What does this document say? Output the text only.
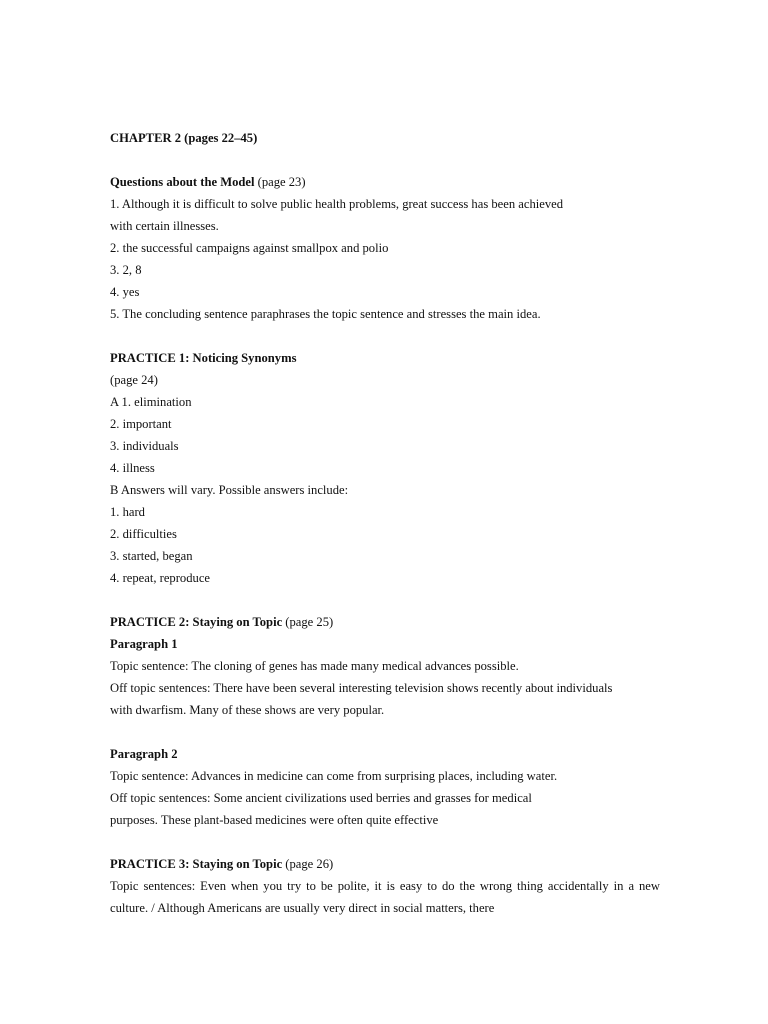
CHAPTER 2 (pages 22–45)
Questions about the Model (page 23)
1. Although it is difficult to solve public health problems, great success has been achieved
with certain illnesses.
2. the successful campaigns against smallpox and polio
3. 2, 8
4. yes
5. The concluding sentence paraphrases the topic sentence and stresses the main idea.
PRACTICE 1: Noticing Synonyms
(page 24)
A 1. elimination
2. important
3. individuals
4. illness
B Answers will vary. Possible answers include:
1. hard
2. difficulties
3. started, began
4. repeat, reproduce
PRACTICE 2: Staying on Topic (page 25)
Paragraph 1
Topic sentence: The cloning of genes has made many medical advances possible.
Off topic sentences: There have been several interesting television shows recently about individuals
with dwarfism. Many of these shows are very popular.
Paragraph 2
Topic sentence: Advances in medicine can come from surprising places, including water.
Off topic sentences: Some ancient civilizations used berries and grasses for medical
purposes. These plant-based medicines were often quite effective
PRACTICE 3: Staying on Topic (page 26)
Topic sentences: Even when you try to be polite, it is easy to do the wrong thing accidentally in a new culture. / Although Americans are usually very direct in social matters, there
